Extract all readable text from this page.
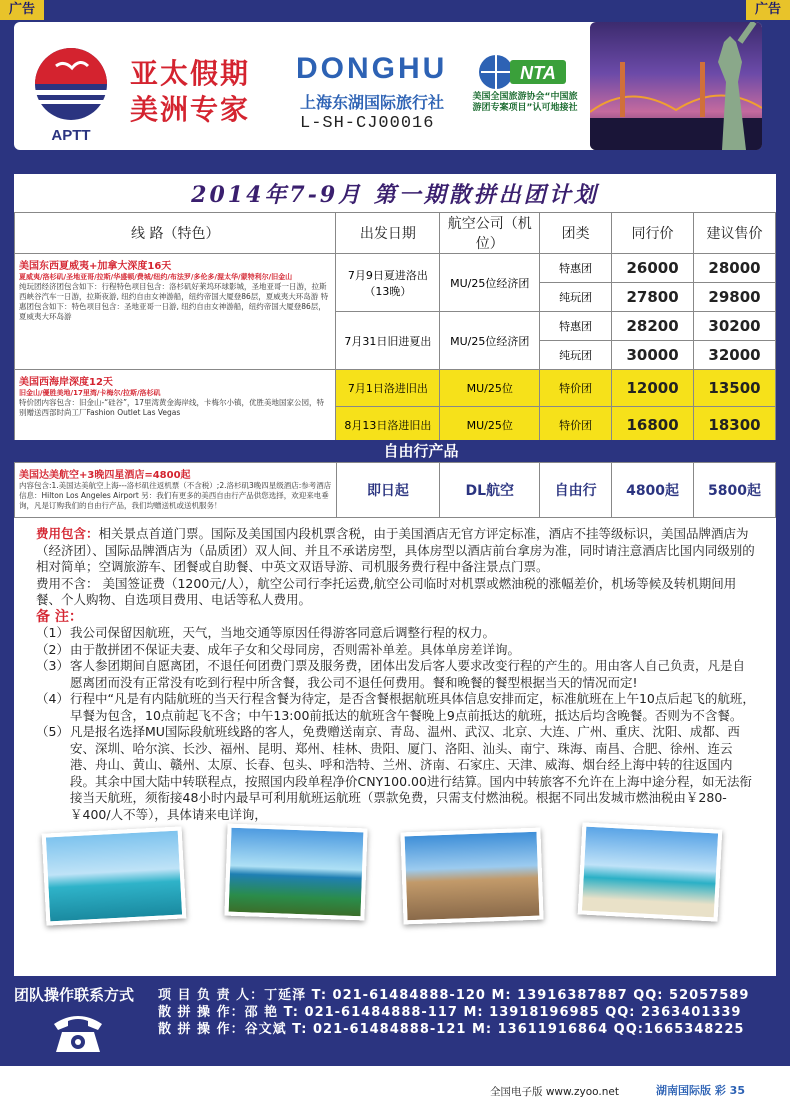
广告	广告
APTT
亚太假期
美洲专家
DONGHU
上海东湖国际旅行社
L-SH-CJ00016
NTA
美国全国旅游协会“中国旅游团专案项目”认可地接社
2014年7-9月 第一期散拼出团计划
线 路（特色）	出发日期	航空公司（机位）	团类	同行价	建议售价

美国东西夏威夷+加拿大深度16天
夏威夷/洛杉矶/圣地亚哥/拉斯/华盛顿/费城/纽约/布法罗/多伦多/渥太华/蒙特利尔/旧金山
纯玩团经济团包含如下：行程特色项目包含：洛杉矶好莱坞环球影城，圣地亚哥一日游，拉斯西峡谷汽车一日游，拉斯夜游, 纽约自由女神游船，纽约帝国大厦登86层，夏威夷大环岛游 特惠团包含如下：特色项目包含：圣地亚哥一日游, 纽约自由女神游船，纽约帝国大厦登86层，夏威夷大环岛游	7月9日夏进洛出（13晚）	MU/25位经济团	特惠团	26000	28000
			纯玩团	27800	29800
	7月31日旧进夏出	MU/25位经济团	特惠团	28200	30200
			纯玩团	30000	32000

美国西海岸深度12天
旧金山/優胜美地/17里湾/卡梅尔/拉斯/洛杉矶
特价团内容包含：旧金山-“硅谷”，17里湾黄金海岸线，卡梅尔小镇，优胜美地国家公园，特别赠送西部时尚工厂Fashion Outlet Las Vegas	7月1日洛进旧出	MU/25位	特价团	12000	13500
	8月13日洛进旧出	MU/25位	特价团	16800	18300
自由行产品
美国达美航空+3晚四星酒店=4800起
内容包含:1.美国达美航空上海---洛杉矶往返机票（不含税）;2.洛杉矶3晚四星级酒店:参考酒店信息：Hilton Los Angeles Airport 另：我们有更多的美西自由行产品供您选择，欢迎来电垂询，凡是订购我们的自由行产品，我们均赠送机或送机服务！
	即日起	DL航空	自由行	4800起	5800起
费用包含：相关景点首道门票。国际及美国国内段机票含税，由于美国酒店无官方评定标准，酒店不挂等级标识，美国品牌酒店为（经济团）、国际品牌酒店为（品质团）双人间、并且不承诺房型，具体房型以酒店前台拿房为准，同时请注意酒店比国内同级别的相对简单；空调旅游车、团餐或自助餐、中英文双语导游、司机服务费行程中备注景点门票。
费用不含： 美国签证费（1200元/人），航空公司行李托运费,航空公司临时对机票或燃油税的涨幅差价，机场等候及转机期间用餐、个人购物、自选项目费用、电话等私人费用。
备 注：
（1） 我公司保留因航班，天气，当地交通等原因任得游客同意后调整行程的权力。
（2） 由于散拼团不保证夫妻、成年子女和父母同房，否则需补单差。具体单房差详询。
（3） 客人参团期间自愿离团，不退任何团费门票及服务费，团体出发后客人要求改变行程的产生的。用由客人自己负责，凡是自愿离团而没有正常没有吃到行程中所含餐，我公司不退任何费用。餐和晚餐的餐型根据当天的情况而定!
（4） 行程中“凡是有内陆航班的当天行程含餐为待定，是否含餐根据航班具体信息安排而定，标准航班在上午10点后起飞的航班，早餐为包含，10点前起飞不含；中午13:00前抵达的航班含午餐晚上9点前抵达的航班，抵达后均含晚餐。否则为不含餐。
（5） 凡是报名选择MU国际段航班线路的客人，免费赠送南京、青岛、温州、武汉、北京、大连、广州、重庆、沈阳、成都、西安、深圳、哈尔滨、长沙、福州、昆明、郑州、桂林、贵阳、厦门、洛阳、汕头、南宁、珠海、南昌、合肥、徐州、连云港、舟山、黄山、赣州、太原、长春、包头、呼和浩特、兰州、济南、石家庄、天津、威海、烟台经上海中转的往返国内段。其余中国大陆中转联程点，按照国内段单程净价CNY100.00进行结算。国内中转旅客不允许在上海中途分程，如无法衔接当天航班，须衔接48小时内最早可利用航班运航班（票款免费，只需支付燃油税。根据不同出发城市燃油税由￥280-￥400/人不等），具体请来电详询，
团队操作联系方式 项 目 负 责 人：丁延泽 T: 021-61484888-120 M: 13916387887 QQ: 52057589
散 拼 操 作：邵 艳 T: 021-61484888-117 M: 13918196985 QQ: 2363401339
散 拼 操 作：谷文斌 T: 021-61484888-121 M: 13611916864 QQ:1665348225
全国电子版 www.zyoo.net	湖南国际版 彩 35
